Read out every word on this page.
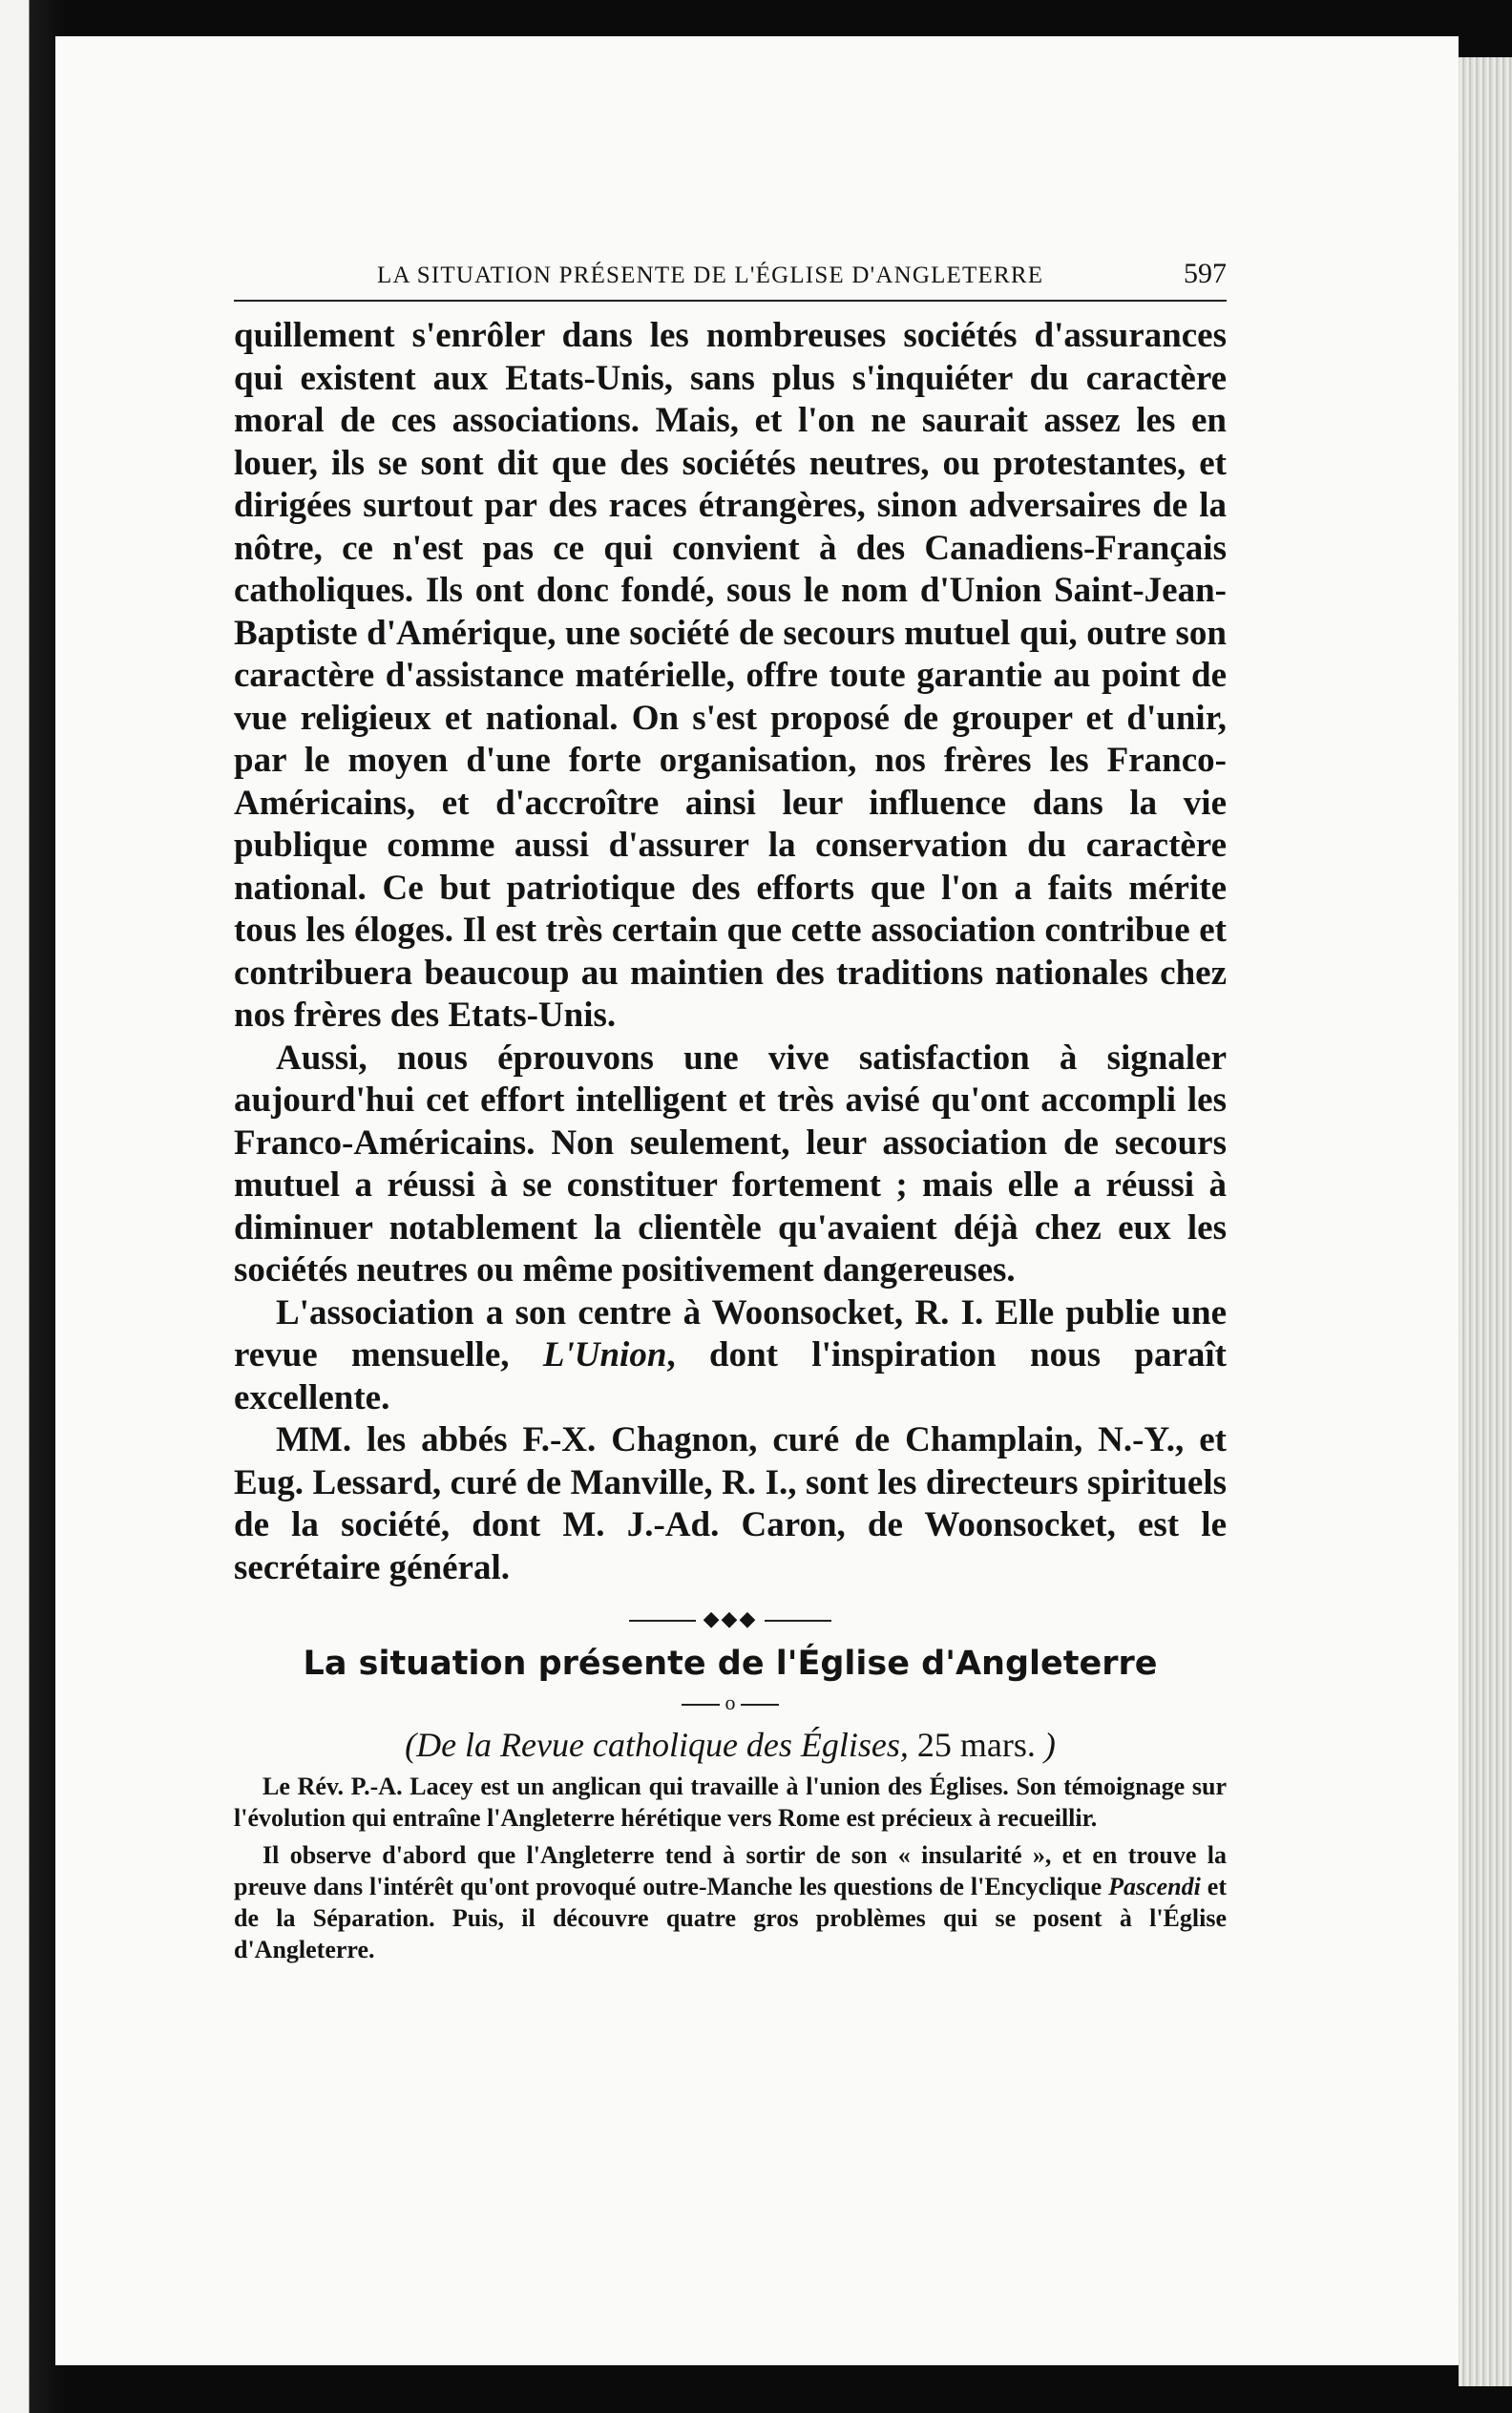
LA SITUATION PRÉSENTE DE L'ÉGLISE D'ANGLETERRE	597

quillement s'enrôler dans les nombreuses sociétés d'assurances qui existent aux Etats-Unis, sans plus s'inquiéter du caractère moral de ces associations. Mais, et l'on ne saurait assez les en louer, ils se sont dit que des sociétés neutres, ou protestantes, et dirigées surtout par des races étrangères, sinon adversaires de la nôtre, ce n'est pas ce qui convient à des Canadiens-Français catholiques. Ils ont donc fondé, sous le nom d'Union Saint-Jean-Baptiste d'Amérique, une société de secours mutuel qui, outre son caractère d'assistance matérielle, offre toute garantie au point de vue religieux et national. On s'est proposé de grouper et d'unir, par le moyen d'une forte organisation, nos frères les Franco-Américains, et d'accroître ainsi leur influence dans la vie publique comme aussi d'assurer la conservation du caractère national. Ce but patriotique des efforts que l'on a faits mérite tous les éloges. Il est très certain que cette association contribue et contribuera beaucoup au maintien des traditions nationales chez nos frères des Etats-Unis.

Aussi, nous éprouvons une vive satisfaction à signaler aujourd'hui cet effort intelligent et très avisé qu'ont accompli les Franco-Américains. Non seulement, leur association de secours mutuel a réussi à se constituer fortement ; mais elle a réussi à diminuer notablement la clientèle qu'avaient déjà chez eux les sociétés neutres ou même positivement dangereuses.

L'association a son centre à Woonsocket, R. I. Elle publie une revue mensuelle, L'Union, dont l'inspiration nous paraît excellente.

MM. les abbés F.-X. Chagnon, curé de Champlain, N.-Y., et Eug. Lessard, curé de Manville, R. I., sont les directeurs spirituels de la société, dont M. J.-Ad. Caron, de Woonsocket, est le secrétaire général.

◆◆◆
La situation présente de l'Église d'Angleterre
o
(De la Revue catholique des Églises, 25 mars. )

Le Rév. P.-A. Lacey est un anglican qui travaille à l'union des Églises. Son témoignage sur l'évolution qui entraîne l'Angleterre hérétique vers Rome est précieux à recueillir.

Il observe d'abord que l'Angleterre tend à sortir de son « insularité », et en trouve la preuve dans l'intérêt qu'ont provoqué outre-Manche les questions de l'Encyclique Pascendi et de la Séparation. Puis, il découvre quatre gros problèmes qui se posent à l'Église d'Angleterre.
